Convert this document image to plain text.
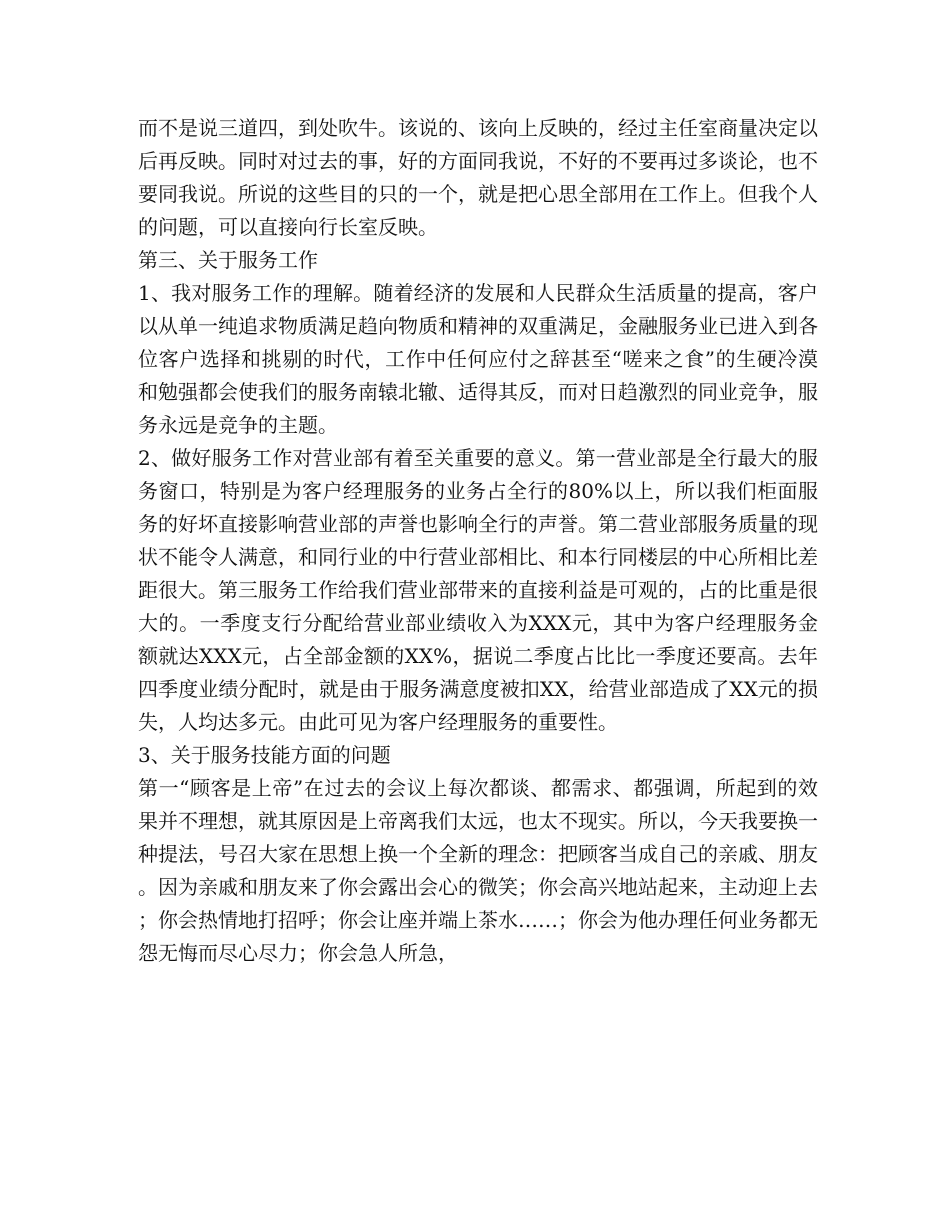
而不是说三道四，到处吹牛。该说的、该向上反映的，经过主任室商量决定以后再反映。同时对过去的事，好的方面同我说，不好的不要再过多谈论，也不要同我说。所说的这些目的只的一个，就是把心思全部用在工作上。但我个人的问题，可以直接向行长室反映。

第三、关于服务工作

1、我对服务工作的理解。随着经济的发展和人民群众生活质量的提高，客户以从单一纯追求物质满足趋向物质和精神的双重满足，金融服务业已进入到各位客户选择和挑剔的时代，工作中任何应付之辞甚至“嗟来之食”的生硬冷漠和勉强都会使我们的服务南辕北辙、适得其反，而对日趋激烈的同业竞争，服务永远是竞争的主题。

2、做好服务工作对营业部有着至关重要的意义。第一营业部是全行最大的服务窗口，特别是为客户经理服务的业务占全行的80%以上，所以我们柜面服务的好坏直接影响营业部的声誉也影响全行的声誉。第二营业部服务质量的现状不能令人满意，和同行业的中行营业部相比、和本行同楼层的中心所相比差距很大。第三服务工作给我们营业部带来的直接利益是可观的，占的比重是很大的。一季度支行分配给营业部业绩收入为XXX元，其中为客户经理服务金额就达XXX元，占全部金额的XX%，据说二季度占比比一季度还要高。去年四季度业绩分配时，就是由于服务满意度被扣XX，给营业部造成了XX元的损失，人均达多元。由此可见为客户经理服务的重要性。

3、关于服务技能方面的问题

第一“顾客是上帝”在过去的会议上每次都谈、都需求、都强调，所起到的效果并不理想，就其原因是上帝离我们太远，也太不现实。所以，今天我要换一种提法，号召大家在思想上换一个全新的理念：把顾客当成自己的亲戚、朋友。因为亲戚和朋友来了你会露出会心的微笑；你会高兴地站起来，主动迎上去；你会热情地打招呼；你会让座并端上茶水……；你会为他办理任何业务都无怨无悔而尽心尽力；你会急人所急，
